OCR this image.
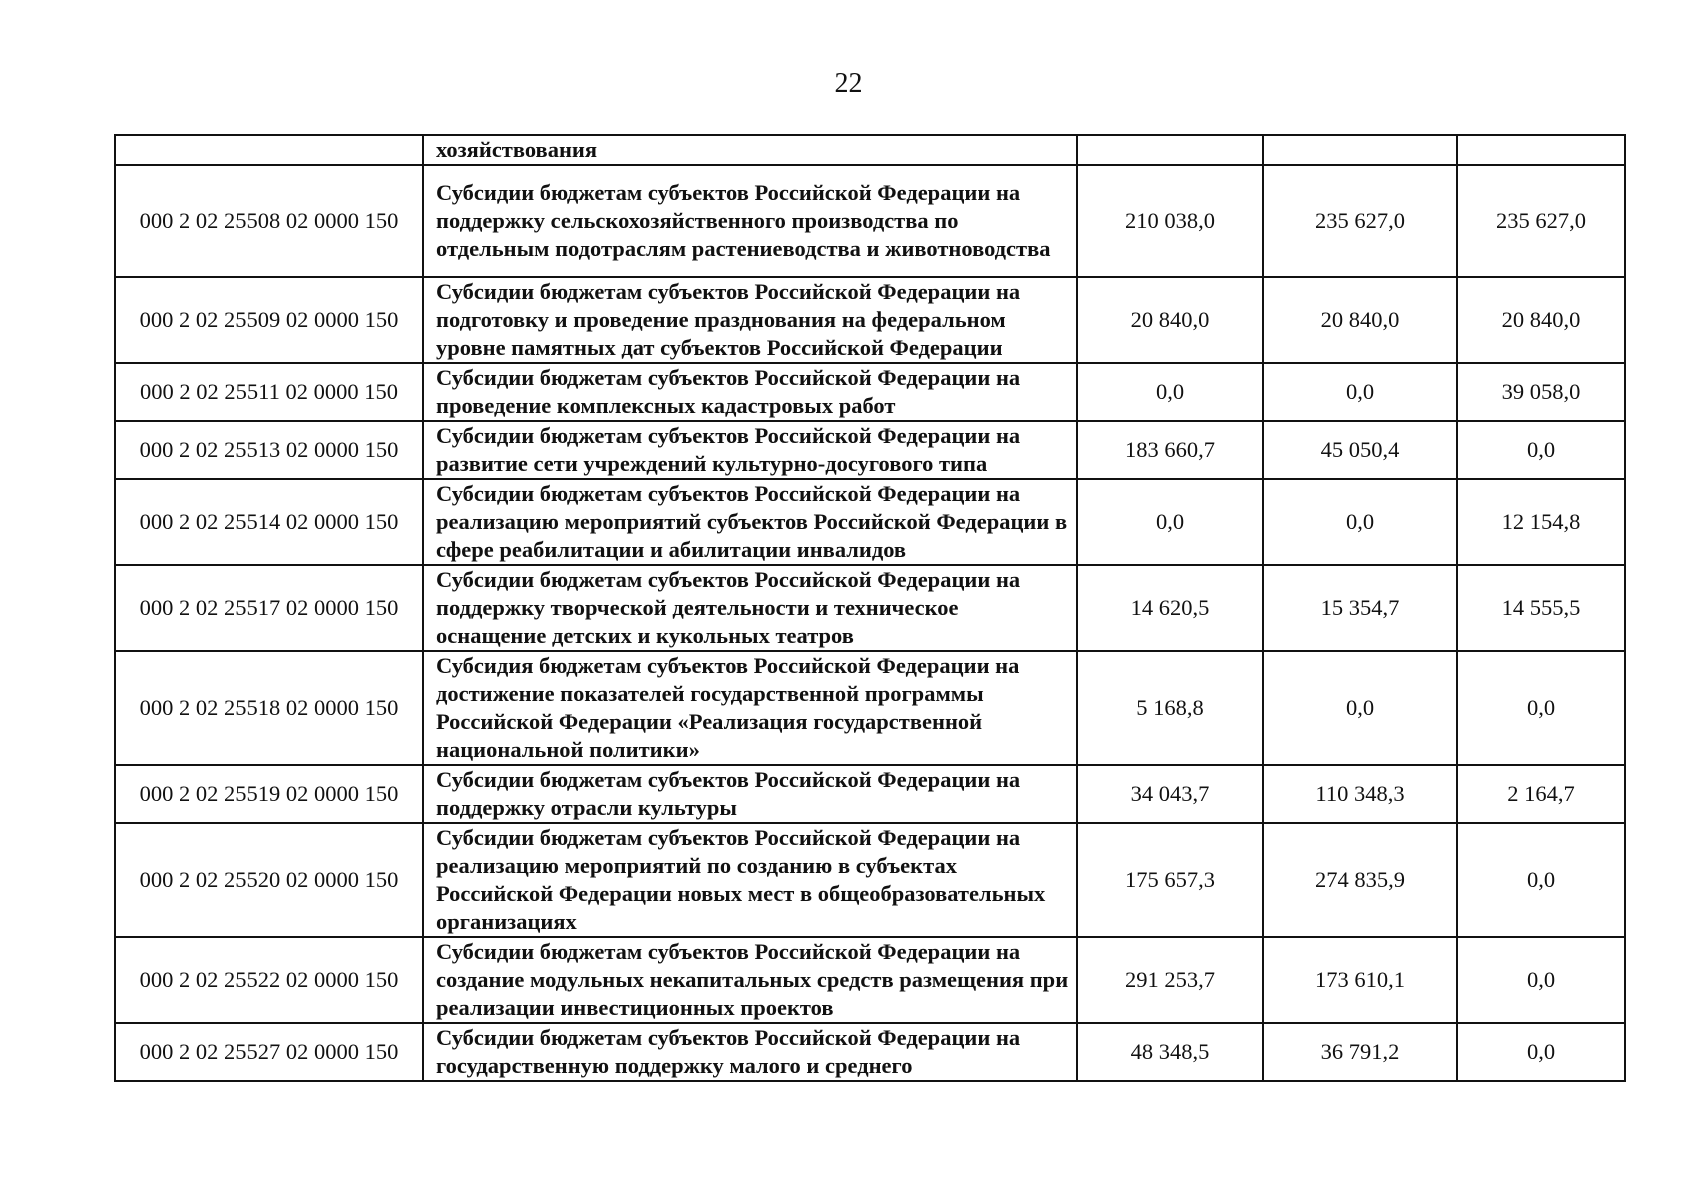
22
	хозяйствования			
000 2 02 25508 02 0000 150	Субсидии бюджетам субъектов Российской Федерации на поддержку сельскохозяйственного производства по отдельным подотраслям растениеводства и животноводства	210 038,0	235 627,0	235 627,0
000 2 02 25509 02 0000 150	Субсидии бюджетам субъектов Российской Федерации на подготовку и проведение празднования на федеральном уровне памятных дат субъектов Российской Федерации	20 840,0	20 840,0	20 840,0
000 2 02 25511 02 0000 150	Субсидии бюджетам субъектов Российской Федерации на проведение комплексных кадастровых работ	0,0	0,0	39 058,0
000 2 02 25513 02 0000 150	Субсидии бюджетам субъектов Российской Федерации на развитие сети учреждений культурно-досугового типа	183 660,7	45 050,4	0,0
000 2 02 25514 02 0000 150	Субсидии бюджетам субъектов Российской Федерации на реализацию мероприятий субъектов Российской Федерации в сфере реабилитации и абилитации инвалидов	0,0	0,0	12 154,8
000 2 02 25517 02 0000 150	Субсидии бюджетам субъектов Российской Федерации на поддержку творческой деятельности и техническое оснащение детских и кукольных театров	14 620,5	15 354,7	14 555,5
000 2 02 25518 02 0000 150	Субсидия бюджетам субъектов Российской Федерации на достижение показателей государственной программы Российской Федерации «Реализация государственной национальной политики»	5 168,8	0,0	0,0
000 2 02 25519 02 0000 150	Субсидии бюджетам субъектов Российской Федерации на поддержку отрасли культуры	34 043,7	110 348,3	2 164,7
000 2 02 25520 02 0000 150	Субсидии бюджетам субъектов Российской Федерации на реализацию мероприятий по созданию в субъектах Российской Федерации новых мест в общеобразовательных организациях	175 657,3	274 835,9	0,0
000 2 02 25522 02 0000 150	Субсидии бюджетам субъектов Российской Федерации на создание модульных некапитальных средств размещения при реализации инвестиционных проектов	291 253,7	173 610,1	0,0
000 2 02 25527 02 0000 150	Субсидии бюджетам субъектов Российской Федерации на государственную поддержку малого и среднего	48 348,5	36 791,2	0,0
